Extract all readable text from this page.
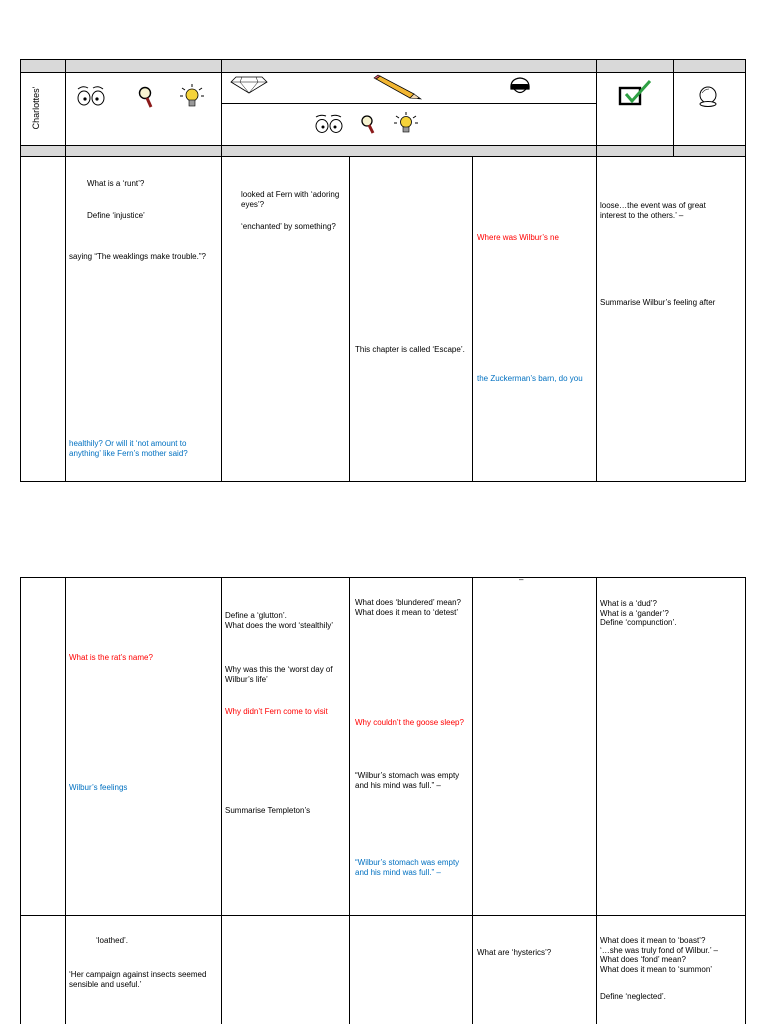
Charlottes'
What is a ‘runt’?
Define ‘injustice’
saying “The weaklings make trouble.”?
healthily? Or will it ‘not amount to
anything’ like Fern’s mother said?
looked at Fern with ‘adoring
eyes’?
‘enchanted’ by something?
This chapter is called ‘Escape’.
Where was Wilbur’s ne
the Zuckerman’s barn, do you
loose…the event was of great
interest to the others.’ –
Summarise Wilbur’s feeling after
–
What is the rat’s name?
Wilbur’s feelings
Define a ‘glutton’.
What does the word ‘stealthily’
Why was this the ‘worst day of
Wilbur’s life’
Why didn’t Fern come to visit
Summarise Templeton’s
What does ‘blundered’ mean?
What does it mean to ‘detest’
Why couldn’t the goose sleep?
“Wilbur’s stomach was empty
and his mind was full.” –
“Wilbur’s stomach was empty
and his mind was full.” –
What is a ‘dud’?
What is a ‘gander’?
Define ‘compunction’.
‘loathed’.
‘Her campaign against insects seemed
sensible and useful.’
What are ‘hysterics’?
What does it mean to ‘boast’?
‘…she was truly fond of Wilbur.’ –
What does ‘fond’ mean?
What does it mean to ‘summon’
Define ‘neglected’.
